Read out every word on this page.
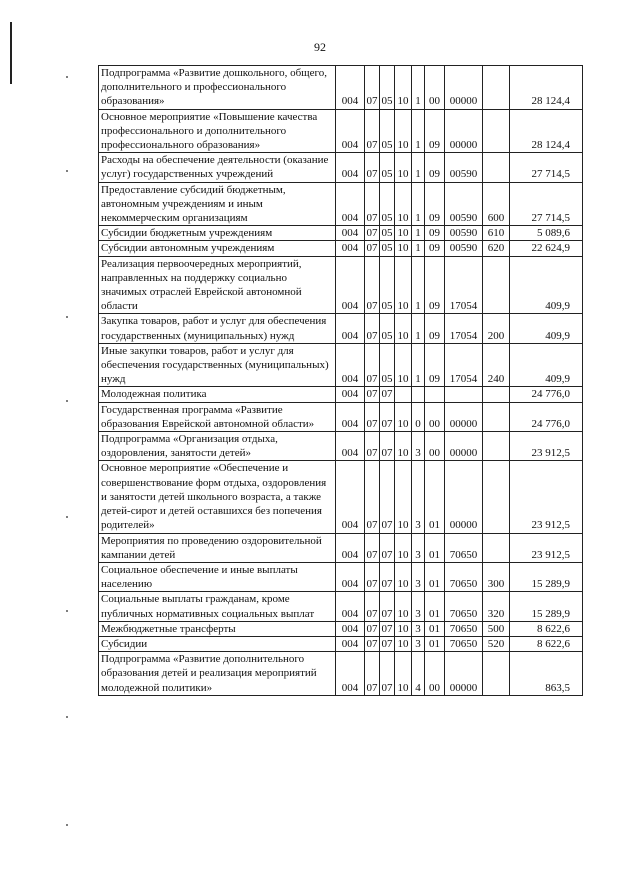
92
Подпрограмма «Развитие дошкольного, общего, дополнительного и профессионального образования»	004	07	05	10	1	00	00000		28 124,4
Основное мероприятие «Повышение качества профессионального и дополнительного профессионального образования»	004	07	05	10	1	09	00000		28 124,4
Расходы на обеспечение деятельности (оказание услуг) государственных учреждений	004	07	05	10	1	09	00590		27 714,5
Предоставление субсидий бюджетным, автономным учреждениям и иным некоммерческим организациям	004	07	05	10	1	09	00590	600	27 714,5
Субсидии бюджетным учреждениям	004	07	05	10	1	09	00590	610	5 089,6
Субсидии автономным учреждениям	004	07	05	10	1	09	00590	620	22 624,9
Реализация первоочередных мероприятий, направленных на поддержку социально значимых отраслей Еврейской автономной области	004	07	05	10	1	09	17054		409,9
Закупка товаров, работ и услуг для обеспечения государственных (муниципальных) нужд	004	07	05	10	1	09	17054	200	409,9
Иные закупки товаров, работ и услуг для обеспечения государственных (муниципальных) нужд	004	07	05	10	1	09	17054	240	409,9
Молодежная политика	004	07	07						24 776,0
Государственная программа «Развитие образования Еврейской автономной области»	004	07	07	10	0	00	00000		24 776,0
Подпрограмма «Организация отдыха, оздоровления, занятости детей»	004	07	07	10	3	00	00000		23 912,5
Основное мероприятие «Обеспечение и совершенствование форм отдыха, оздоровления и занятости детей школьного возраста, а также детей-сирот и детей оставшихся без попечения родителей»	004	07	07	10	3	01	00000		23 912,5
Мероприятия по проведению оздоровительной кампании детей	004	07	07	10	3	01	70650		23 912,5
Социальное обеспечение и иные выплаты населению	004	07	07	10	3	01	70650	300	15 289,9
Социальные выплаты гражданам, кроме публичных нормативных социальных выплат	004	07	07	10	3	01	70650	320	15 289,9
Межбюджетные трансферты	004	07	07	10	3	01	70650	500	8 622,6
Субсидии	004	07	07	10	3	01	70650	520	8 622,6
Подпрограмма «Развитие дополнительного образования детей и реализация мероприятий молодежной политики»	004	07	07	10	4	00	00000		863,5
